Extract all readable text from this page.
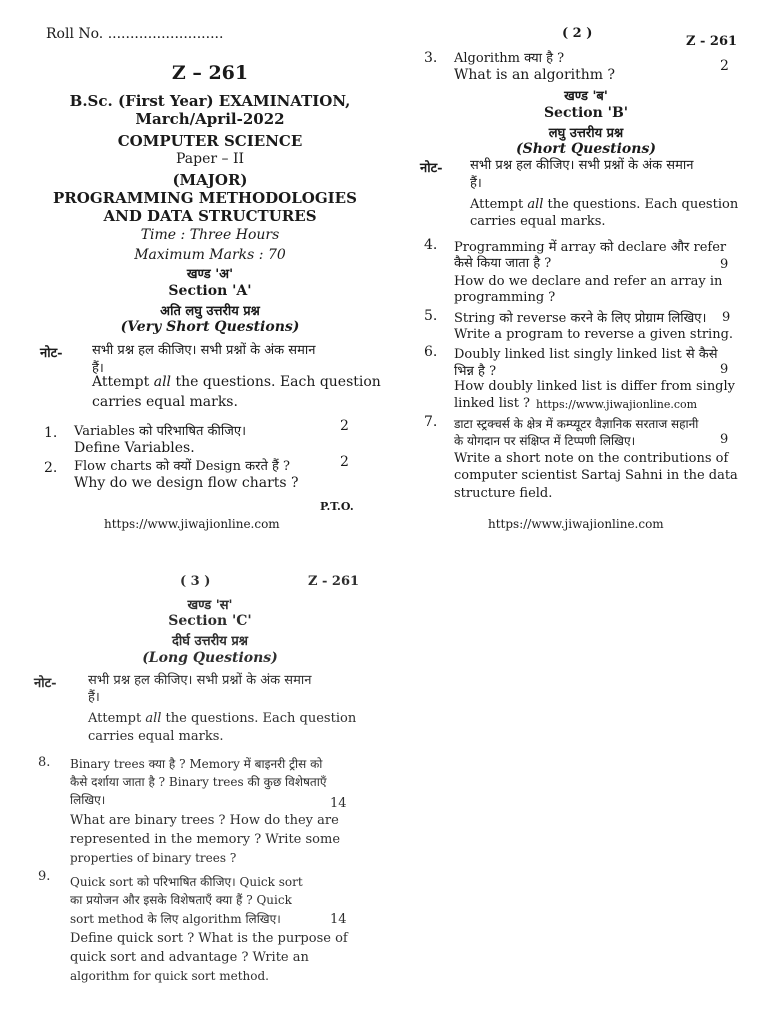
Roll No. ..........................
Z – 261
B.Sc. (First Year) EXAMINATION,
March/April-2022
COMPUTER SCIENCE
Paper – II
(MAJOR)
PROGRAMMING METHODOLOGIES
AND DATA STRUCTURES
Time : Three Hours
Maximum Marks : 70
खण्ड 'अ'
Section 'A'
अति लघु उत्तरीय प्रश्न
(Very Short Questions)
नोट- सभी प्रश्न हल कीजिए। सभी प्रश्नों के अंक समान
हैं।
Attempt all the questions. Each question
carries equal marks.
1. Variables को परिभाषित कीजिए।	2
Define Variables.
2. Flow charts को क्यों Design करते हैं ?	2
Why do we design flow charts ?
P.T.O.
https://www.jiwajionline.com
( 2 )
Z - 261
3. Algorithm क्या है ?
What is an algorithm ?
2
खण्ड 'ब'
Section 'B'
लघु उत्तरीय प्रश्न
(Short Questions)
नोट- सभी प्रश्न हल कीजिए। सभी प्रश्नों के अंक समान
हैं।
Attempt all the questions. Each question
carries equal marks.
4. Programming में array को declare और refer
कैसे किया जाता है ?	9
How do we declare and refer an array in
programming ?
5. String को reverse करने के लिए प्रोग्राम लिखिए। 9
Write a program to reverse a given string.
6. Doubly linked list singly linked list से कैसे
भिन्न है ?	9
How doubly linked list is differ from singly
linked list ? https://www.jiwajionline.com
7. डाटा स्ट्रक्चर्स के क्षेत्र में कम्प्यूटर वैज्ञानिक सरताज सहानी
के योगदान पर संक्षिप्त में टिप्पणी लिखिए।	9
Write a short note on the contributions of
computer scientist Sartaj Sahni in the data
structure field.
https://www.jiwajionline.com
( 3 )	Z - 261
खण्ड 'स'
Section 'C'
दीर्घ उत्तरीय प्रश्न
(Long Questions)
नोट- सभी प्रश्न हल कीजिए। सभी प्रश्नों के अंक समान
हैं।
Attempt all the questions. Each question
carries equal marks.
8. Binary trees क्या है ? Memory में बाइनरी ट्रीस को
कैसे दर्शाया जाता है ? Binary trees की कुछ विशेषताएँ
लिखिए।	14
What are binary trees ? How do they are
represented in the memory ? Write some
properties of binary trees ?
9. Quick sort को परिभाषित कीजिए। Quick sort
का प्रयोजन और इसके विशेषताएँ क्या हैं ? Quick
sort method के लिए algorithm लिखिए।	14
Define quick sort ? What is the purpose of
quick sort and advantage ? Write an
algorithm for quick sort method.
